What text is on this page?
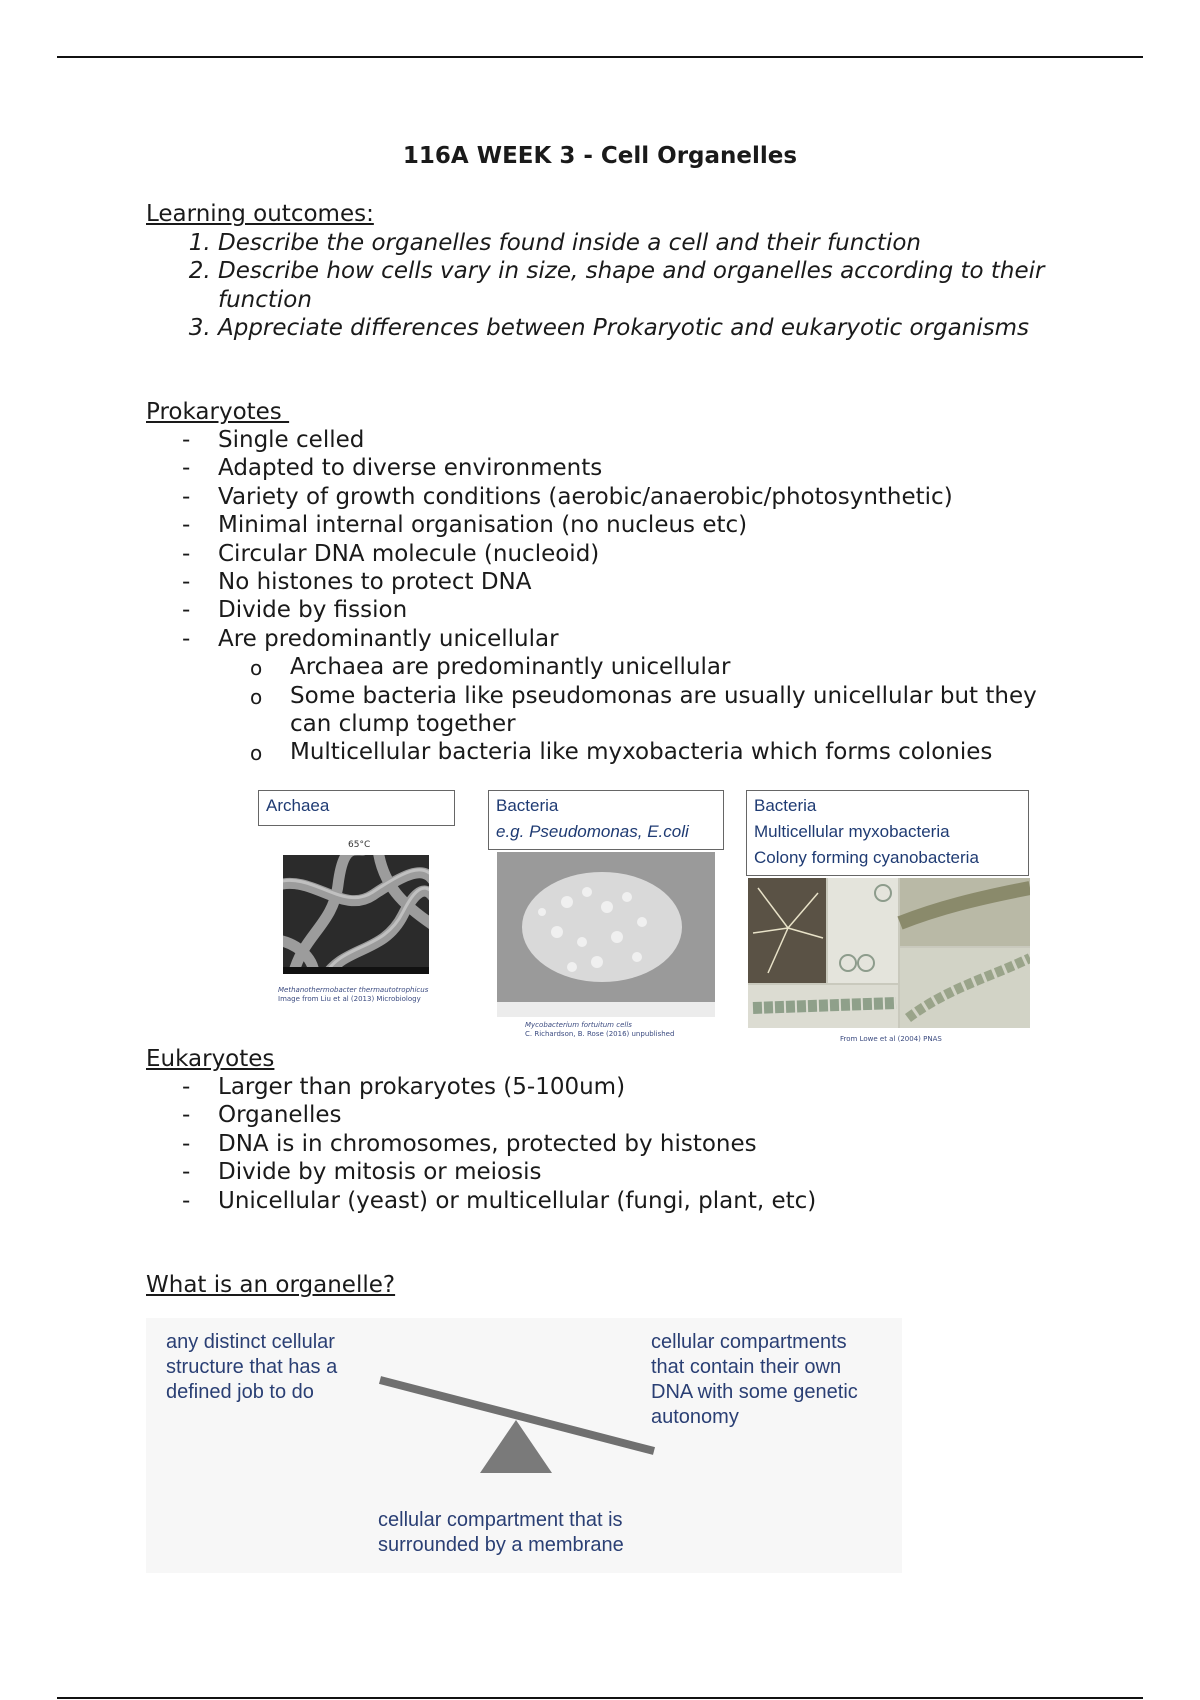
116A WEEK 3 - Cell Organelles
Learning outcomes:
1. Describe the organelles found inside a cell and their function
2. Describe how cells vary in size, shape and organelles according to their function
3. Appreciate differences between Prokaryotic and eukaryotic organisms
Prokaryotes
- Single celled
- Adapted to diverse environments
- Variety of growth conditions (aerobic/anaerobic/photosynthetic)
- Minimal internal organisation (no nucleus etc)
- Circular DNA molecule (nucleoid)
- No histones to protect DNA
- Divide by fission
- Are predominantly unicellular
o Archaea are predominantly unicellular
o Some bacteria like pseudomonas are usually unicellular but they can clump together
o Multicellular bacteria like myxobacteria which forms colonies
Archaea
65°C
Methanothermobacter thermautotrophicus
Image from Liu et al (2013) Microbiology
Bacteria
e.g. Pseudomonas, E.coli
Mycobacterium fortuitum cells
C. Richardson, B. Rose (2016) unpublished
Bacteria
Multicellular myxobacteria
Colony forming cyanobacteria
From Lowe et al (2004) PNAS
Eukaryotes
- Larger than prokaryotes (5-100um)
- Organelles
- DNA is in chromosomes, protected by histones
- Divide by mitosis or meiosis
- Unicellular (yeast) or multicellular (fungi, plant, etc)
What is an organelle?
any distinct cellular
structure that has a
defined job to do
cellular compartments
that contain their own
DNA with some genetic
autonomy
cellular compartment that is
surrounded by a membrane
